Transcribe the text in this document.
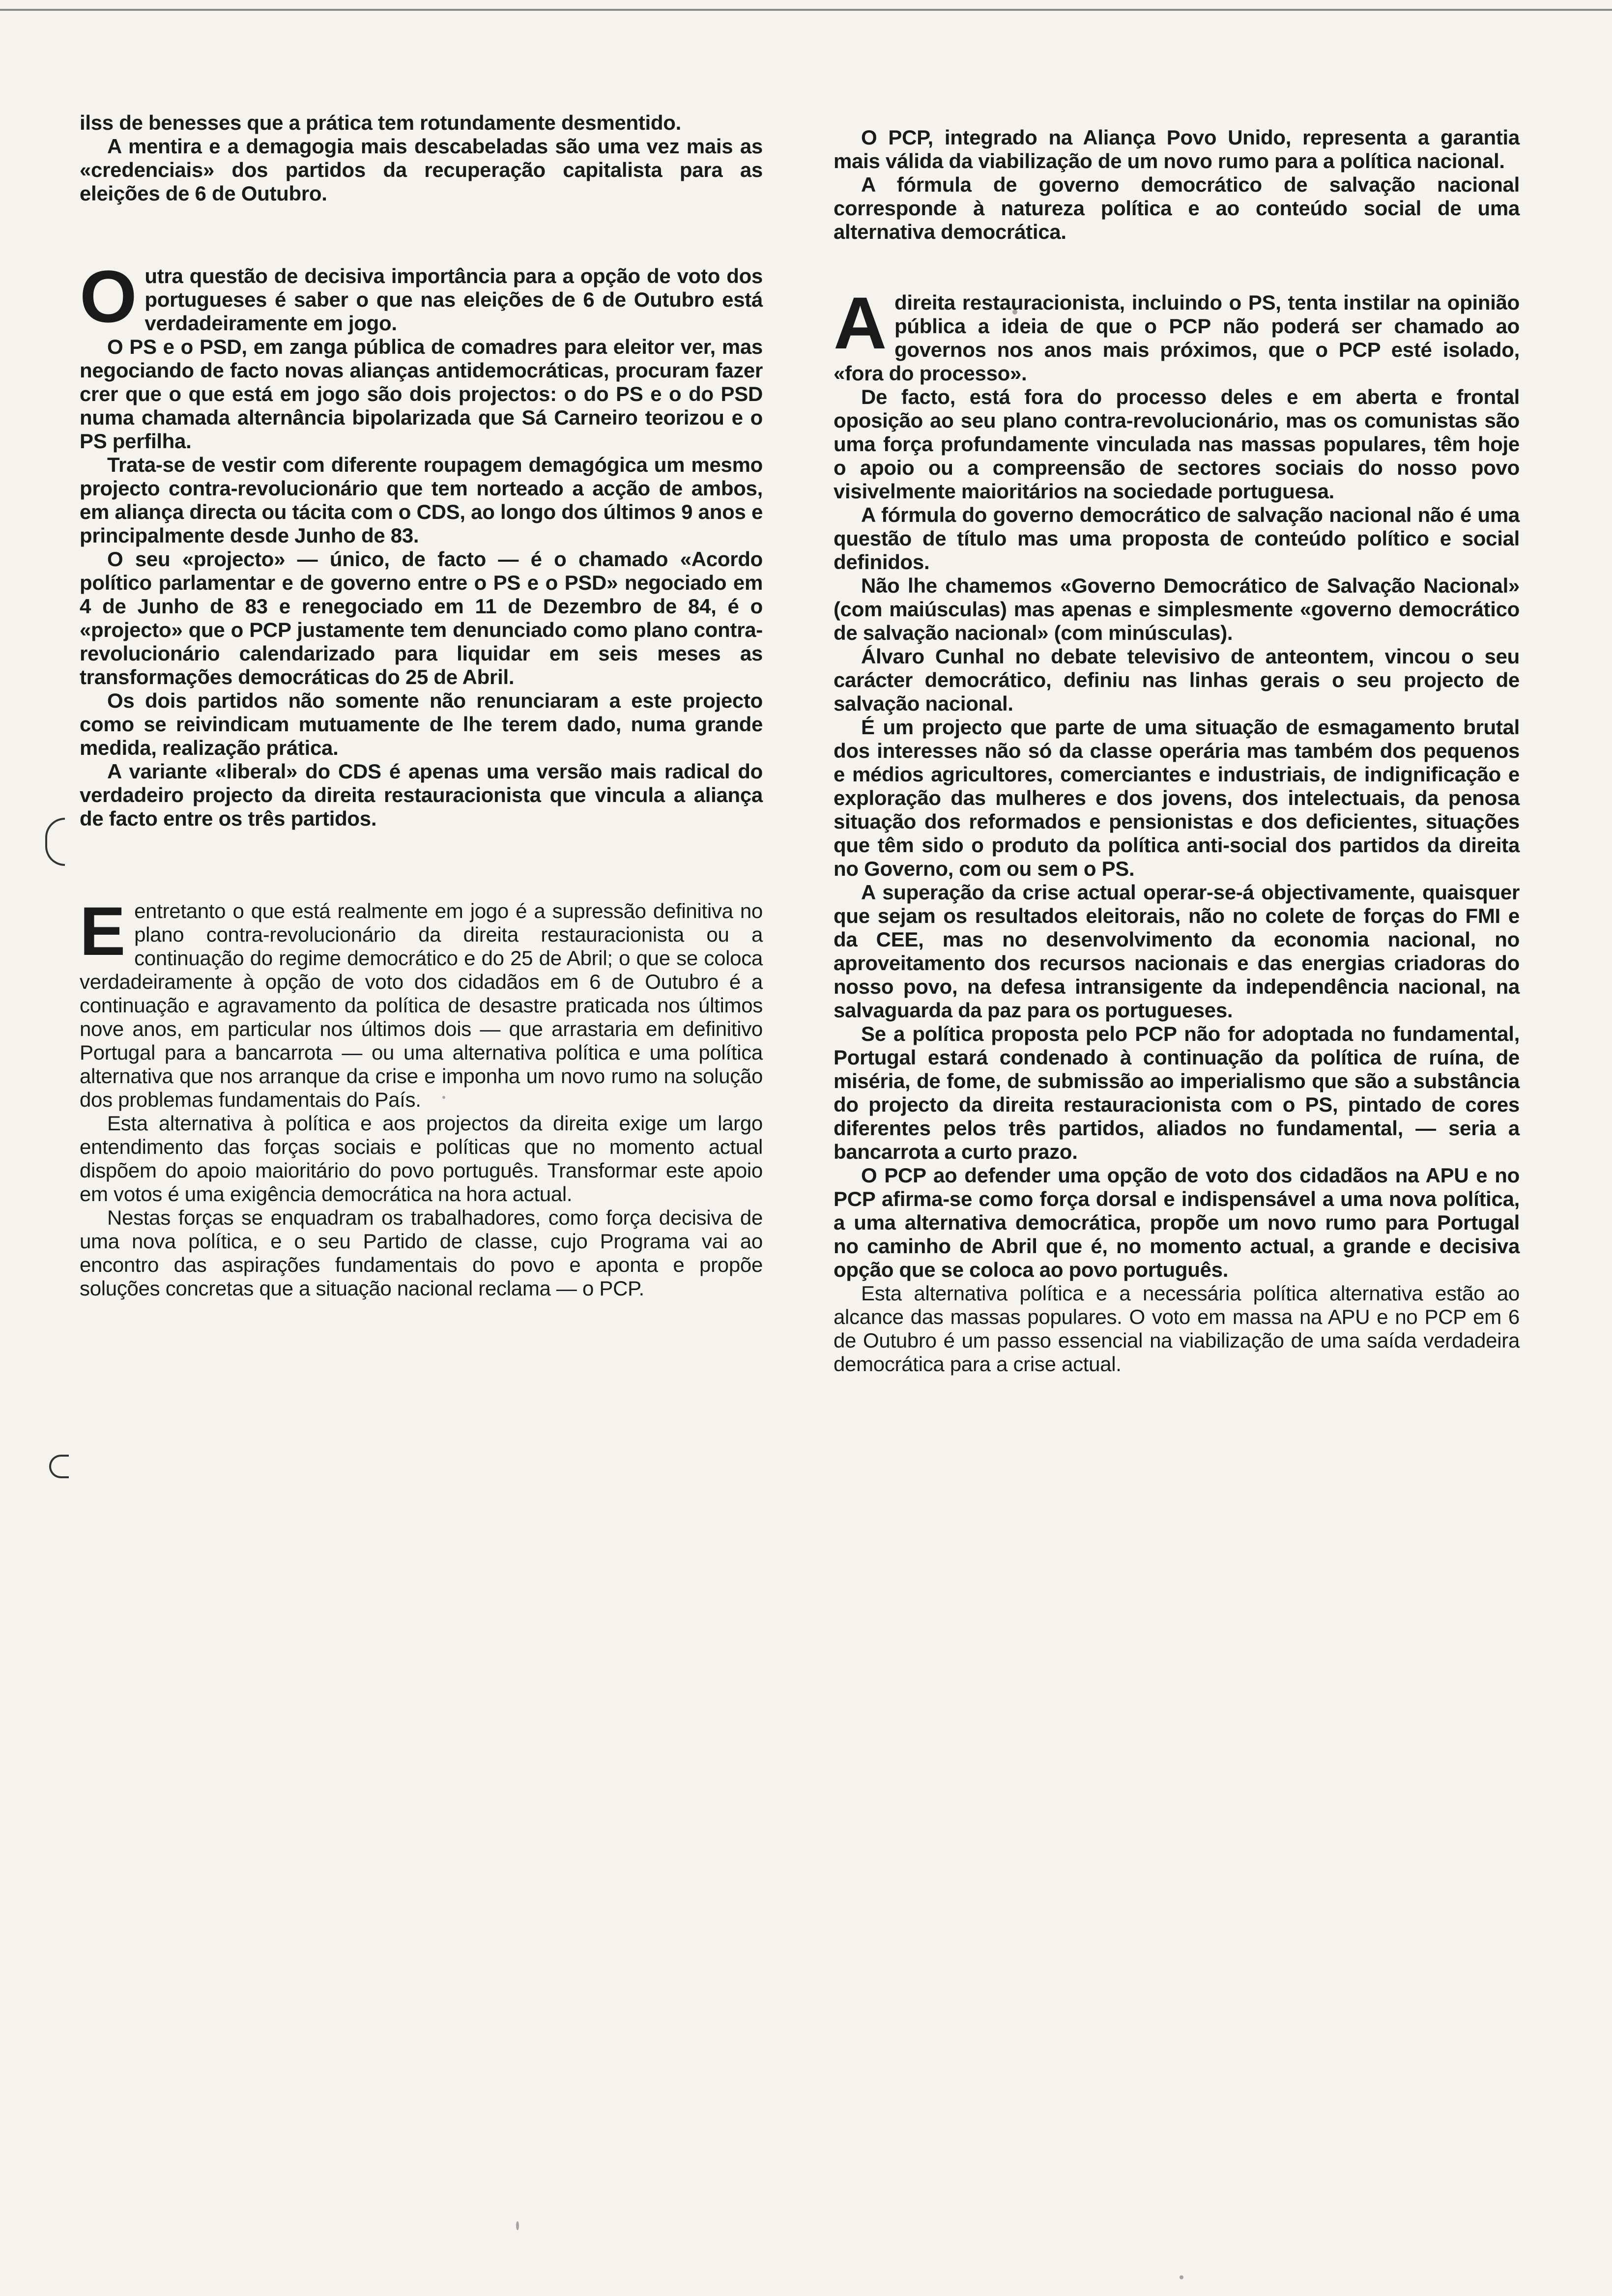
ilss de benesses que a prática tem rotundamente desmentido.

A mentira e a demagogia mais descabeladas são uma vez mais as «credenciais» dos partidos da recuperação capitalista para as eleições de 6 de Outubro.

O utra questão de decisiva importância para a opção de voto dos portugueses é saber o que nas eleições de 6 de Outubro está verdadeiramente em jogo.

O PS e o PSD, em zanga pública de comadres para eleitor ver, mas negociando de facto novas alianças antidemocráticas, procuram fazer crer que o que está em jogo são dois projectos: o do PS e o do PSD numa chamada alternância bipolarizada que Sá Carneiro teorizou e o PS perfilha.

Trata-se de vestir com diferente roupagem demagógica um mesmo projecto contra-revolucionário que tem norteado a acção de ambos, em aliança directa ou tácita com o CDS, ao longo dos últimos 9 anos e principalmente desde Junho de 83.

O seu «projecto» — único, de facto — é o chamado «Acordo político parlamentar e de governo entre o PS e o PSD» negociado em 4 de Junho de 83 e renegociado em 11 de Dezembro de 84, é o «projecto» que o PCP justamente tem denunciado como plano contra-revolucionário calendarizado para liquidar em seis meses as transformações democráticas do 25 de Abril.

Os dois partidos não somente não renunciaram a este projecto como se reivindicam mutuamente de lhe terem dado, numa grande medida, realização prática.

A variante «liberal» do CDS é apenas uma versão mais radical do verdadeiro projecto da direita restauracionista que vincula a aliança de facto entre os três partidos.

E entretanto o que está realmente em jogo é a supressão definitiva no plano contra-revolucionário da direita restauracionista ou a continuação do regime democrático e do 25 de Abril; o que se coloca verdadeiramente à opção de voto dos cidadãos em 6 de Outubro é a continuação e agravamento da política de desastre praticada nos últimos nove anos, em particular nos últimos dois — que arrastaria em definitivo Portugal para a bancarrota — ou uma alternativa política e uma política alternativa que nos arranque da crise e imponha um novo rumo na solução dos problemas fundamentais do País.

Esta alternativa à política e aos projectos da direita exige um largo entendimento das forças sociais e políticas que no momento actual dispõem do apoio maioritário do povo português. Transformar este apoio em votos é uma exigência democrática na hora actual.

Nestas forças se enquadram os trabalhadores, como força decisiva de uma nova política, e o seu Partido de classe, cujo Programa vai ao encontro das aspirações fundamentais do povo e aponta e propõe soluções concretas que a situação nacional reclama — o PCP.

O PCP, integrado na Aliança Povo Unido, representa a garantia mais válida da viabilização de um novo rumo para a política nacional.

A fórmula de governo democrático de salvação nacional corresponde à natureza política e ao conteúdo social de uma alternativa democrática.

A direita restauracionista, incluindo o PS, tenta instilar na opinião pública a ideia de que o PCP não poderá ser chamado ao governos nos anos mais próximos, que o PCP esté isolado, «fora do processo».

De facto, está fora do processo deles e em aberta e frontal oposição ao seu plano contra-revolucionário, mas os comunistas são uma força profundamente vinculada nas massas populares, têm hoje o apoio ou a compreensão de sectores sociais do nosso povo visivelmente maioritários na sociedade portuguesa.

A fórmula do governo democrático de salvação nacional não é uma questão de título mas uma proposta de conteúdo político e social definidos.

Não lhe chamemos «Governo Democrático de Salvação Nacional» (com maiúsculas) mas apenas e simplesmente «governo democrático de salvação nacional» (com minúsculas).

Álvaro Cunhal no debate televisivo de anteontem, vincou o seu carácter democrático, definiu nas linhas gerais o seu projecto de salvação nacional.

É um projecto que parte de uma situação de esmagamento brutal dos interesses não só da classe operária mas também dos pequenos e médios agricultores, comerciantes e industriais, de indignificação e exploração das mulheres e dos jovens, dos intelectuais, da penosa situação dos reformados e pensionistas e dos deficientes, situações que têm sido o produto da política anti-social dos partidos da direita no Governo, com ou sem o PS.

A superação da crise actual operar-se-á objectivamente, quaisquer que sejam os resultados eleitorais, não no colete de forças do FMI e da CEE, mas no desenvolvimento da economia nacional, no aproveitamento dos recursos nacionais e das energias criadoras do nosso povo, na defesa intransigente da independência nacional, na salvaguarda da paz para os portugueses.

Se a política proposta pelo PCP não for adoptada no fundamental, Portugal estará condenado à continuação da política de ruína, de miséria, de fome, de submissão ao imperialismo que são a substância do projecto da direita restauracionista com o PS, pintado de cores diferentes pelos três partidos, aliados no fundamental, — seria a bancarrota a curto prazo.

O PCP ao defender uma opção de voto dos cidadãos na APU e no PCP afirma-se como força dorsal e indispensável a uma nova política, a uma alternativa democrática, propõe um novo rumo para Portugal no caminho de Abril que é, no momento actual, a grande e decisiva opção que se coloca ao povo português.

Esta alternativa política e a necessária política alternativa estão ao alcance das massas populares. O voto em massa na APU e no PCP em 6 de Outubro é um passo essencial na viabilização de uma saída verdadeira democrática para a crise actual.
